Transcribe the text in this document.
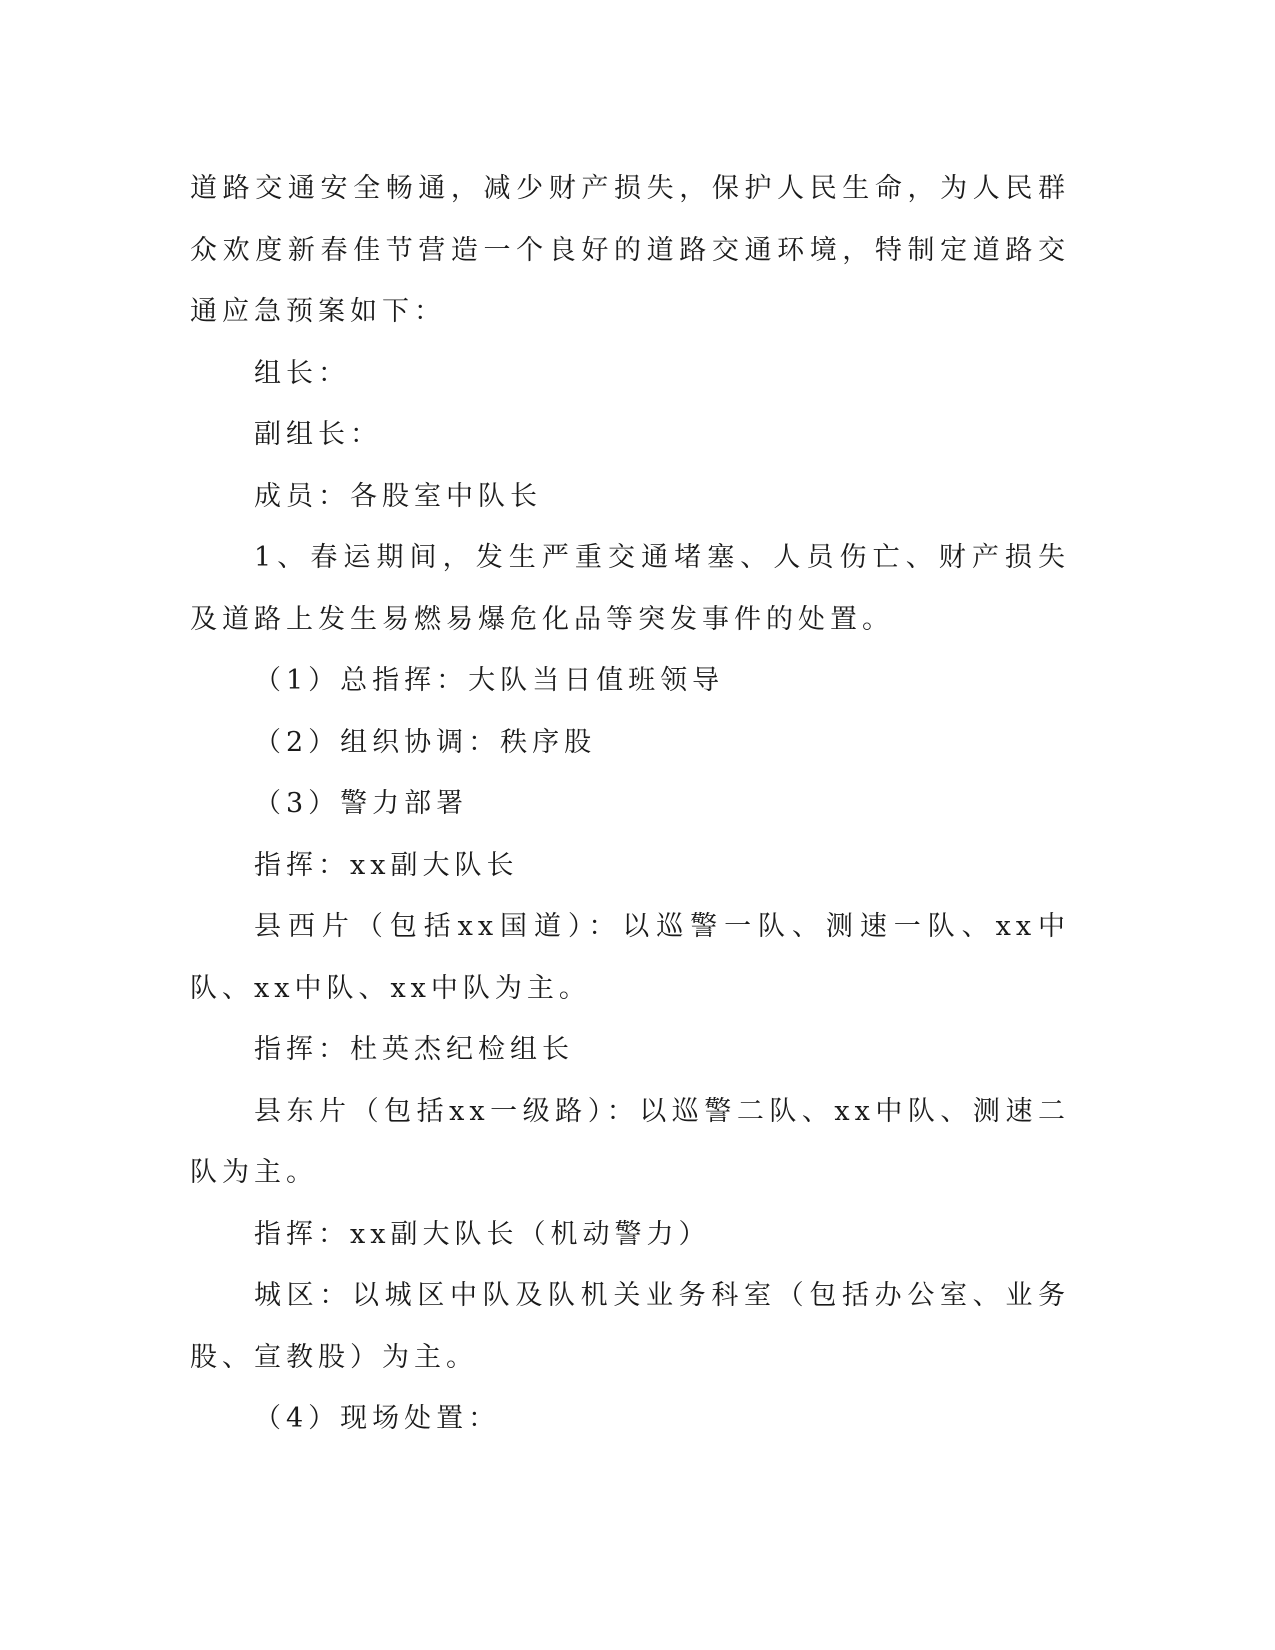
道路交通安全畅通，减少财产损失，保护人民生命，为人民群众欢度新春佳节营造一个良好的道路交通环境，特制定道路交通应急预案如下：

组长：

副组长：

成员：各股室中队长

1、春运期间，发生严重交通堵塞、人员伤亡、财产损失及道路上发生易燃易爆危化品等突发事件的处置。

（1）总指挥：大队当日值班领导

（2）组织协调：秩序股

（3）警力部署

指挥：xx副大队长

县西片（包括xx国道）：以巡警一队、测速一队、xx中队、xx中队、xx中队为主。

指挥：杜英杰纪检组长

县东片（包括xx一级路）：以巡警二队、xx中队、测速二队为主。

指挥：xx副大队长（机动警力）

城区：以城区中队及队机关业务科室（包括办公室、业务股、宣教股）为主。

（4）现场处置：
